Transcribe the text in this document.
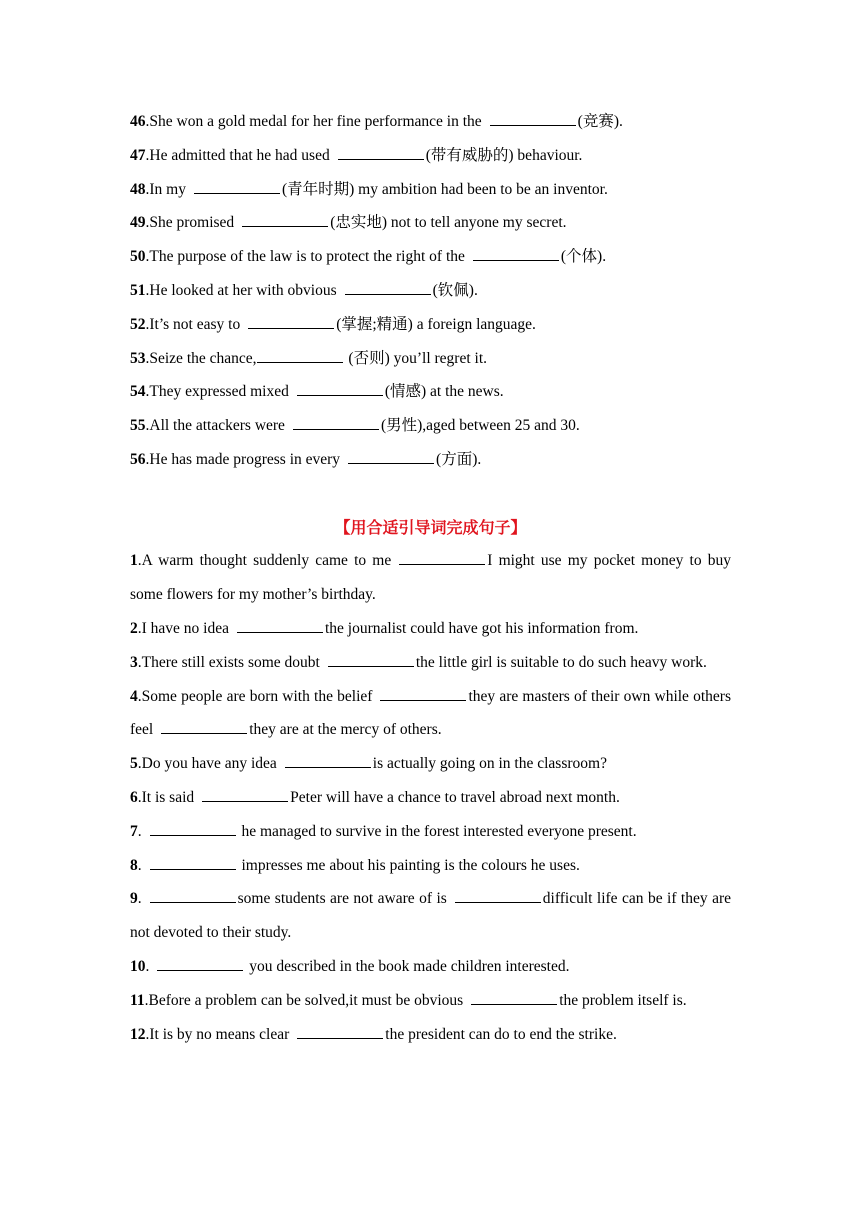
46.She won a gold medal for her fine performance in the	(竞赛).
47.He admitted that he had used	(带有威胁的) behaviour.
48.In my	(青年时期) my ambition had been to be an inventor.
49.She promised	(忠实地) not to tell anyone my secret.
50.The purpose of the law is to protect the right of the	(个体).
51.He looked at her with obvious	(钦佩).
52.It’s not easy to	(掌握;精通) a foreign language.
53.Seize the chance,	(否则) you’ll regret it.
54.They expressed mixed	(情感) at the news.
55.All the attackers were	(男性),aged between 25 and 30.
56.He has made progress in every	(方面).
【用合适引导词完成句子】
1.A warm thought suddenly came to me	I might use my pocket money to buy some flowers for my mother’s birthday.
2.I have no idea	the journalist could have got his information from.
3.There still exists some doubt	the little girl is suitable to do such heavy work.
4.Some people are born with the belief	they are masters of their own while others feel	they are at the mercy of others.
5.Do you have any idea	is actually going on in the classroom?
6.It is said	Peter will have a chance to travel abroad next month.
7.	he managed to survive in the forest interested everyone present.
8.	impresses me about his painting is the colours he uses.
9.	some students are not aware of is	difficult life can be if they are not devoted to their study.
10.	you described in the book made children interested.
11.Before a problem can be solved,it must be obvious	the problem itself is.
12.It is by no means clear	the president can do to end the strike.
